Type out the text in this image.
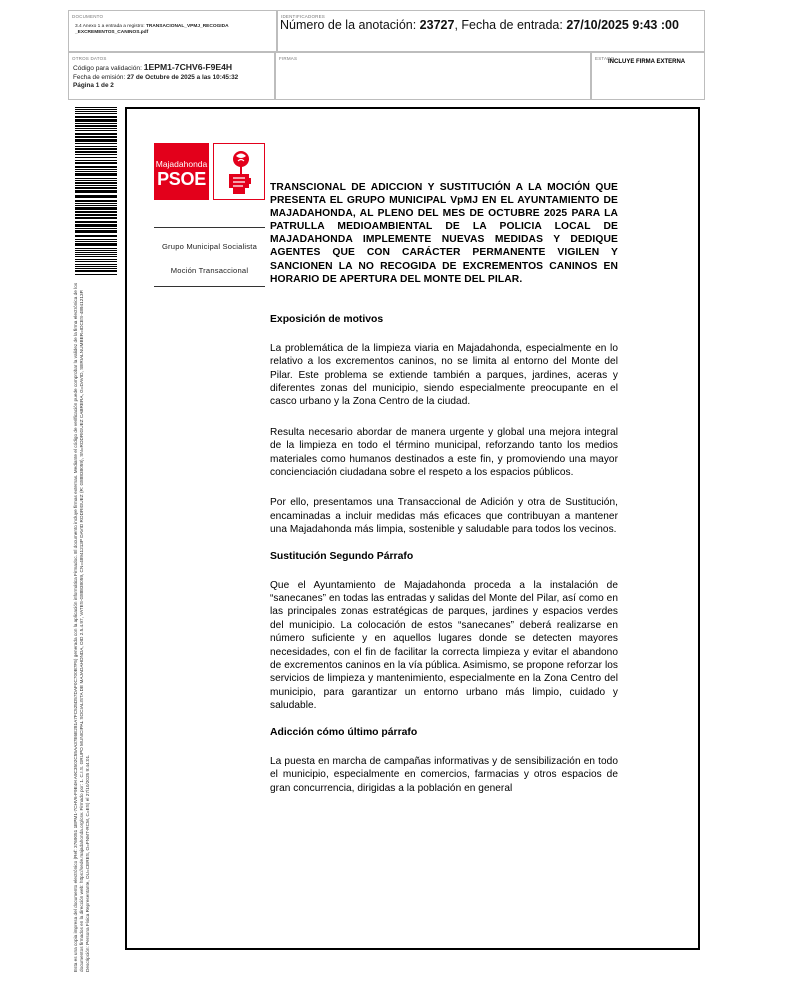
DOCUMENTO
3.4 Anexo 1 a entrada a registro: TRANSACIONAL_VPMJ_RECOGIDA _EXCREMENTOS_CANINOS.pdf
IDENTIFICADORES
Número de la anotación: 23727, Fecha de entrada: 27/10/2025 9:43 :00
OTROS DATOS
Código para validación: 1EPM1-7CHV6-F9E4H
Fecha de emisión: 27 de Octubre de 2025 a las 10:45:32
Página 1 de 2
FIRMAS	ESTADO
INCLUYE FIRMA EXTERNA
Esta es una copia impresa del documento electrónico (Ref: 3769051 1EPM1-7CHV6-F9E4H A9C3502C55AA37E6E281A7FC525D57DAF0C700B7F5) generada con la aplicación informática Firmadoc. El documento incluye firmas externas. Mediante el código de verificación puede comprobar la validez de la firma electrónica de los documentos firmados en la dirección web: https://sede.majadahonda.org/csv. Firmado por: 1. C.I.S. GRUPO MUNICIPAL SOCIALISTA DE MAJADAHONDA, OID 2.5.4.97, VATES-G88838059, CN=48941213P DAVID RODRIGUEZ (R: G88838059), SN=RODRIGUEZ CABRERA, G=DAVID, SERIALNUMBER=IDCES-48941213P. Descripción: Persona Física Representante, OU=CERES, O=FNMT-RCM, C=ES) el 27/10/2025 9:44:01.
Majadahonda
PSOE
Grupo Municipal Socialista
Moción Transaccional
TRANSCIONAL DE ADICCION Y SUSTITUCIÓN A LA MOCIÓN QUE PRESENTA EL GRUPO MUNICIPAL VpMJ EN EL AYUNTAMIENTO DE MAJADAHONDA, AL PLENO DEL MES DE OCTUBRE 2025 PARA LA PATRULLA MEDIOAMBIENTAL DE LA POLICIA LOCAL DE MAJADAHONDA IMPLEMENTE NUEVAS MEDIDAS Y DEDIQUE AGENTES QUE CON CARÁCTER PERMANENTE VIGILEN Y SANCIONEN LA NO RECOGIDA DE EXCREMENTOS CANINOS EN HORARIO DE APERTURA DEL MONTE DEL PILAR.
Exposición de motivos
La problemática de la limpieza viaria en Majadahonda, especialmente en lo relativo a los excrementos caninos, no se limita al entorno del Monte del Pilar. Este problema se extiende también a parques, jardines, aceras y diferentes zonas del municipio, siendo especialmente preocupante en el casco urbano y la Zona Centro de la ciudad.
Resulta necesario abordar de manera urgente y global una mejora integral de la limpieza en todo el término municipal, reforzando tanto los medios materiales como humanos destinados a este fin, y promoviendo una mayor concienciación ciudadana sobre el respeto a los espacios públicos.
Por ello, presentamos una Transaccional de Adición y otra de Sustitución, encaminadas a incluir medidas más eficaces que contribuyan a mantener una Majadahonda más limpia, sostenible y saludable para todos los vecinos.
Sustitución Segundo Párrafo
Que el Ayuntamiento de Majadahonda proceda a la instalación de “sanecanes” en todas las entradas y salidas del Monte del Pilar, así como en las principales zonas estratégicas de parques, jardines y espacios verdes del municipio. La colocación de estos “sanecanes” deberá realizarse en número suficiente y en aquellos lugares donde se detecten mayores necesidades, con el fin de facilitar la correcta limpieza y evitar el abandono de excrementos caninos en la vía pública. Asimismo, se propone reforzar los servicios de limpieza y mantenimiento, especialmente en la Zona Centro del municipio, para garantizar un entorno urbano más limpio, cuidado y saludable.
Adicción cómo último párrafo
La puesta en marcha de campañas informativas y de sensibilización en todo el municipio, especialmente en comercios, farmacias y otros espacios de gran concurrencia, dirigidas a la población en general
